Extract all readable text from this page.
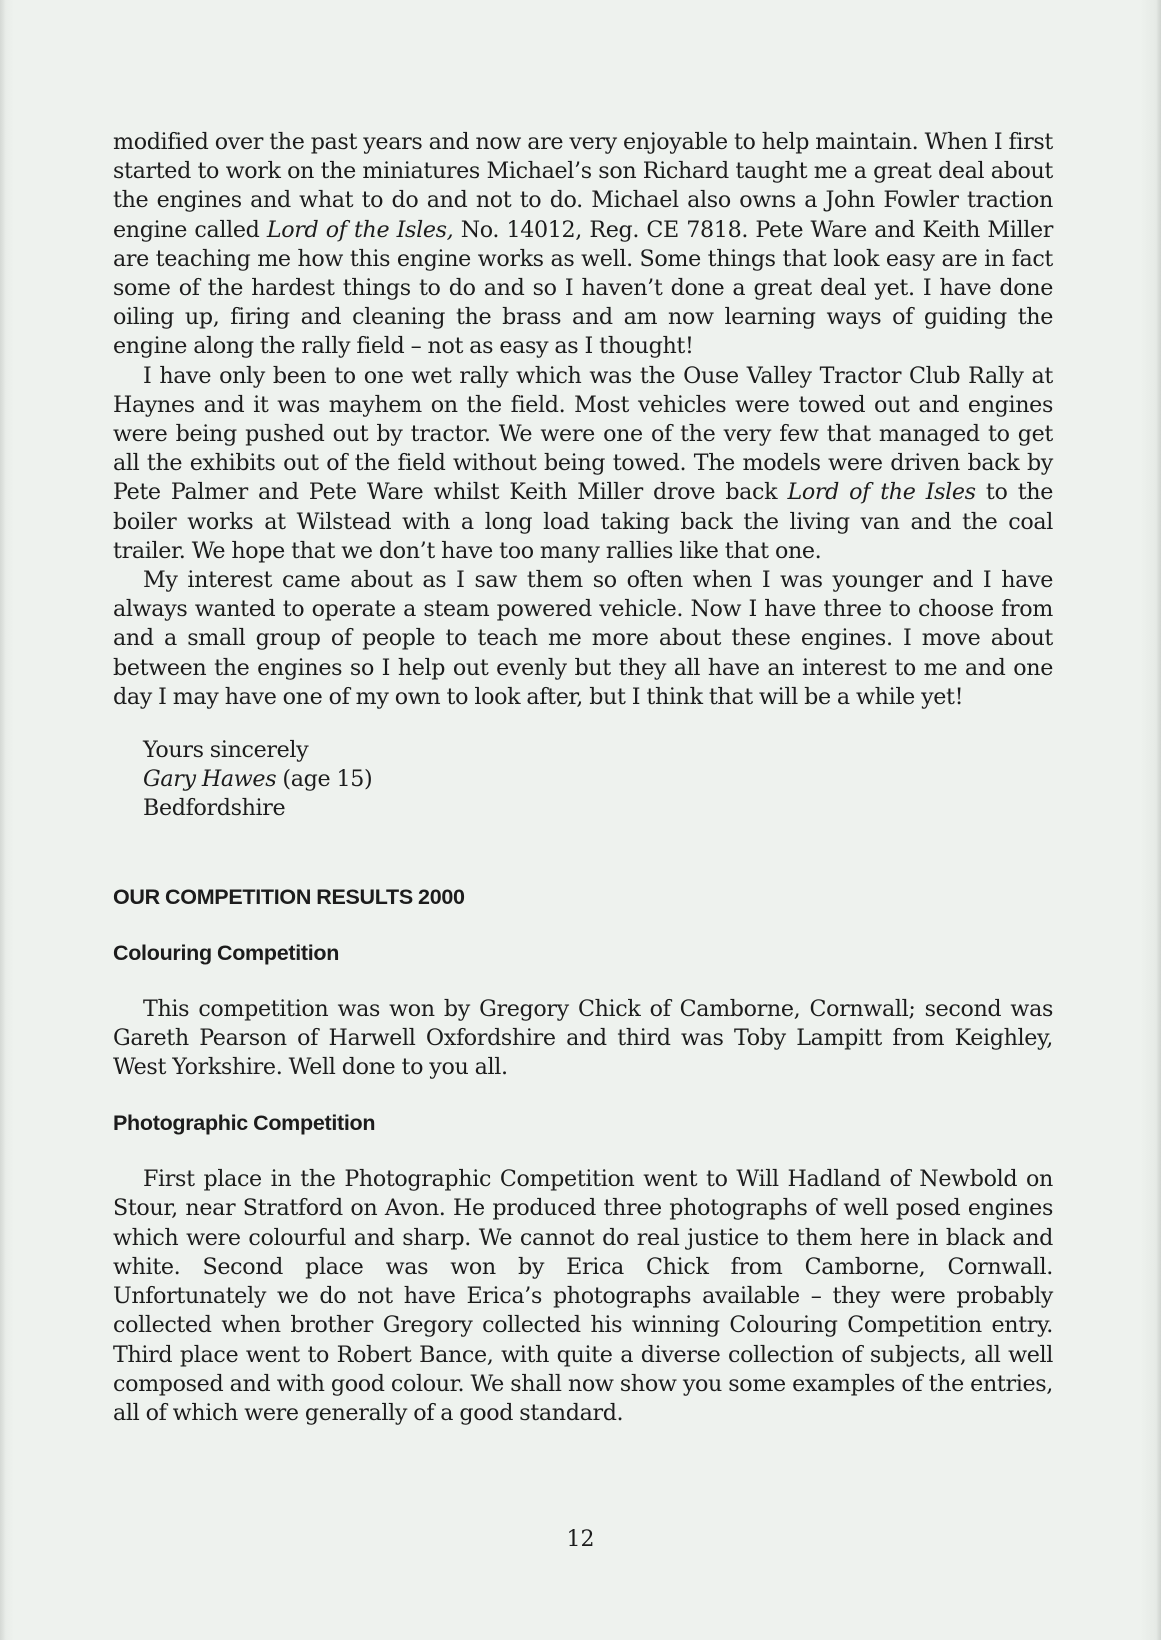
modified over the past years and now are very enjoyable to help maintain. When I first started to work on the miniatures Michael’s son Richard taught me a great deal about the engines and what to do and not to do. Michael also owns a John Fowler traction engine called Lord of the Isles, No. 14012, Reg. CE 7818. Pete Ware and Keith Miller are teaching me how this engine works as well. Some things that look easy are in fact some of the hardest things to do and so I haven’t done a great deal yet. I have done oiling up, firing and cleaning the brass and am now learning ways of guiding the engine along the rally field – not as easy as I thought!

I have only been to one wet rally which was the Ouse Valley Tractor Club Rally at Haynes and it was mayhem on the field. Most vehicles were towed out and engines were being pushed out by tractor. We were one of the very few that managed to get all the exhibits out of the field without being towed. The models were driven back by Pete Palmer and Pete Ware whilst Keith Miller drove back Lord of the Isles to the boiler works at Wilstead with a long load taking back the living van and the coal trailer. We hope that we don’t have too many rallies like that one.

My interest came about as I saw them so often when I was younger and I have always wanted to operate a steam powered vehicle. Now I have three to choose from and a small group of people to teach me more about these engines. I move about between the engines so I help out evenly but they all have an interest to me and one day I may have one of my own to look after, but I think that will be a while yet!

Yours sincerely
Gary Hawes (age 15)
Bedfordshire
OUR COMPETITION RESULTS 2000
Colouring Competition

This competition was won by Gregory Chick of Camborne, Cornwall; second was Gareth Pearson of Harwell Oxfordshire and third was Toby Lampitt from Keighley, West Yorkshire. Well done to you all.

Photographic Competition

First place in the Photographic Competition went to Will Hadland of Newbold on Stour, near Stratford on Avon. He produced three photographs of well posed engines which were colourful and sharp. We cannot do real justice to them here in black and white. Second place was won by Erica Chick from Camborne, Cornwall. Unfortunately we do not have Erica’s photographs available – they were probably collected when brother Gregory collected his winning Colouring Competition entry. Third place went to Robert Bance, with quite a diverse collection of subjects, all well composed and with good colour. We shall now show you some examples of the entries, all of which were generally of a good standard.

12
